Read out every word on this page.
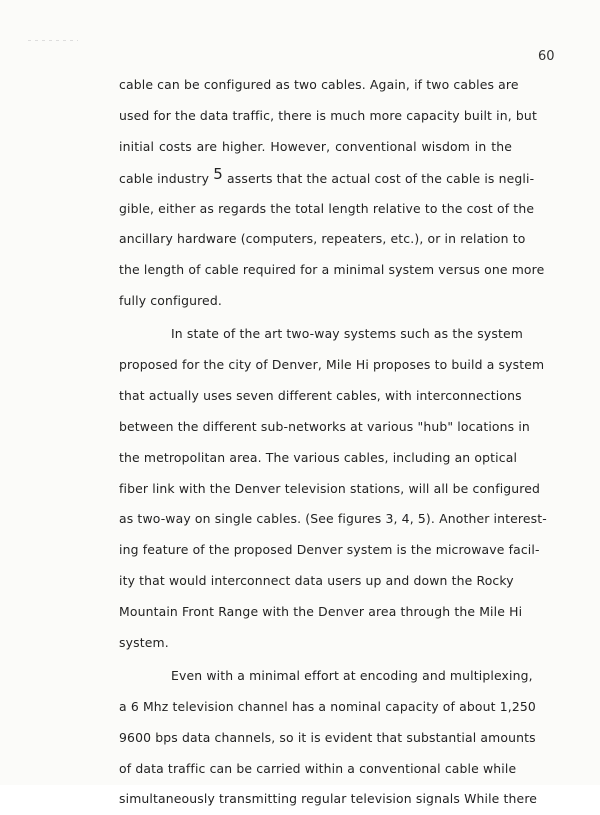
60
cable can be configured as two cables. Again, if two cables are
used for the data traffic, there is much more capacity built in, but
initial costs are higher. However, conventional wisdom in the
cable industry 5 asserts that the actual cost of the cable is negli-
gible, either as regards the total length relative to the cost of the
ancillary hardware (computers, repeaters, etc.), or in relation to
the length of cable required for a minimal system versus one more
fully configured.
In state of the art two-way systems such as the system
proposed for the city of Denver, Mile Hi proposes to build a system
that actually uses seven different cables, with interconnections
between the different sub-networks at various "hub" locations in
the metropolitan area. The various cables, including an optical
fiber link with the Denver television stations, will all be configured
as two-way on single cables. (See figures 3, 4, 5). Another interest-
ing feature of the proposed Denver system is the microwave facil-
ity that would interconnect data users up and down the Rocky
Mountain Front Range with the Denver area through the Mile Hi
system.
Even with a minimal effort at encoding and multiplexing,
a 6 Mhz television channel has a nominal capacity of about 1,250
9600 bps data channels, so it is evident that substantial amounts
of data traffic can be carried within a conventional cable while
simultaneously transmitting regular television signals While there
